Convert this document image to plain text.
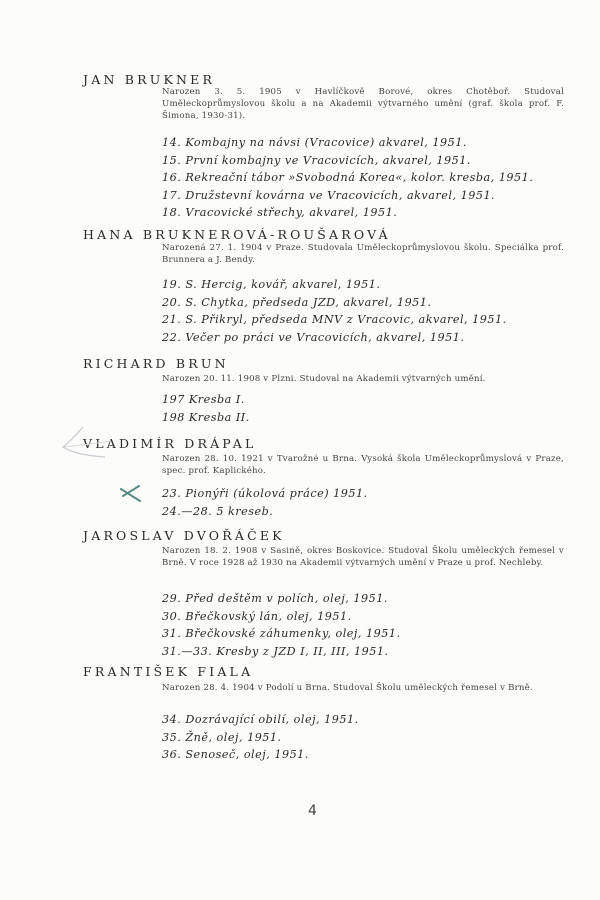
JAN BRUKNER
Narozen 3. 5. 1905 v Havlíčkově Borové, okres Chotěboř. Studoval Uměleckoprůmyslovou školu a na Akademii výtvarného umění (graf. škola prof. F. Šimona, 1930-31).
14. Kombajny na návsi (Vracovice) akvarel, 1951.
15. První kombajny ve Vracovicích, akvarel, 1951.
16. Rekreační tábor »Svobodná Korea«, kolor. kresba, 1951.
17. Družstevní kovárna ve Vracovicích, akvarel, 1951.
18. Vracovické střechy, akvarel, 1951.
HANA BRUKNEROVÁ-ROUŠAROVÁ
Narozená 27. 1. 1904 v Praze. Studovala Uměleckoprůmyslovou školu. Speciálka prof. Brunnera a J. Bendy.
19. S. Hercig, kovář, akvarel, 1951.
20. S. Chytka, předseda JZD, akvarel, 1951.
21. S. Přikryl, předseda MNV z Vracovic, akvarel, 1951.
22. Večer po práci ve Vracovicích, akvarel, 1951.
RICHARD BRUN
Narozen 20. 11. 1908 v Plzni. Studoval na Akademii výtvarných umění.
197 Kresba I.
198 Kresba II.
VLADIMÍR DRÁPAL
Narozen 28. 10. 1921 v Tvarožné u Brna. Vysoká škola Uměleckoprůmyslová v Praze, spec. prof. Kaplického.
23. Pionýři (úkolová práce) 1951.
24.—28. 5 kreseb.
JAROSLAV DVOŘÁČEK
Narozen 18. 2. 1908 v Sasině, okres Boskovice. Studoval Školu uměleckých řemesel v Brně. V roce 1928 až 1930 na Akademii výtvarných umění v Praze u prof. Nechleby.
29. Před deštěm v polích, olej, 1951.
30. Břečkovský lán, olej, 1951.
31. Břečkovské záhumenky, olej, 1951.
31.—33. Kresby z JZD I, II, III, 1951.
FRANTIŠEK FIALA
Narozen 28. 4. 1904 v Podolí u Brna. Studoval Školu uměleckých řemesel v Brně.
34. Dozrávající obilí, olej, 1951.
35. Žně, olej, 1951.
36. Senoseč, olej, 1951.
4
